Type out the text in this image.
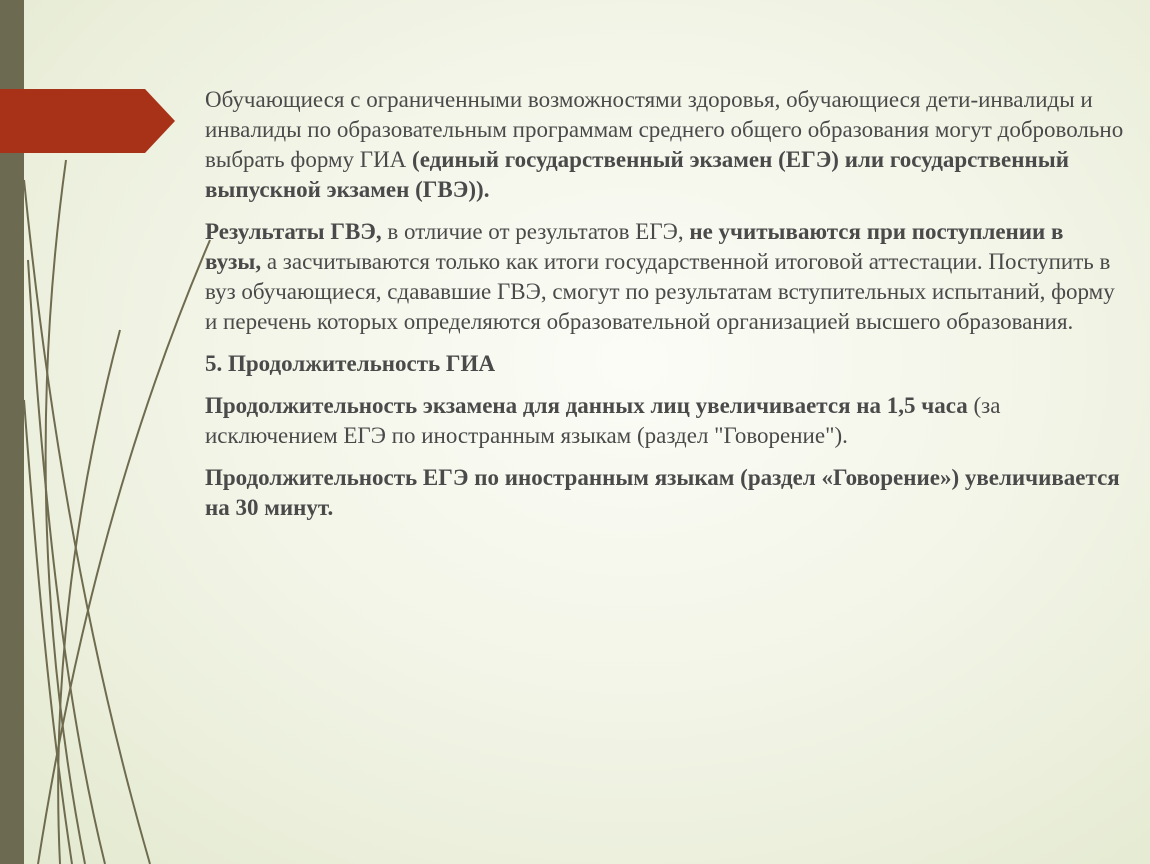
Обучающиеся с ограниченными возможностями здоровья, обучающиеся дети-инвалиды и инвалиды по образовательным программам среднего общего образования могут добровольно выбрать форму ГИА (единый государственный экзамен (ЕГЭ) или государственный выпускной экзамен (ГВЭ)).

Результаты ГВЭ, в отличие от результатов ЕГЭ, не учитываются при поступлении в вузы, а засчитываются только как итоги государственной итоговой аттестации. Поступить в вуз обучающиеся, сдававшие ГВЭ, смогут по результатам вступительных испытаний, форму и перечень которых определяются образовательной организацией высшего образования.

5. Продолжительность ГИА

Продолжительность экзамена для данных лиц увеличивается на 1,5 часа (за исключением ЕГЭ по иностранным языкам (раздел "Говорение").

Продолжительность ЕГЭ по иностранным языкам (раздел «Говорение») увеличивается на 30 минут.
